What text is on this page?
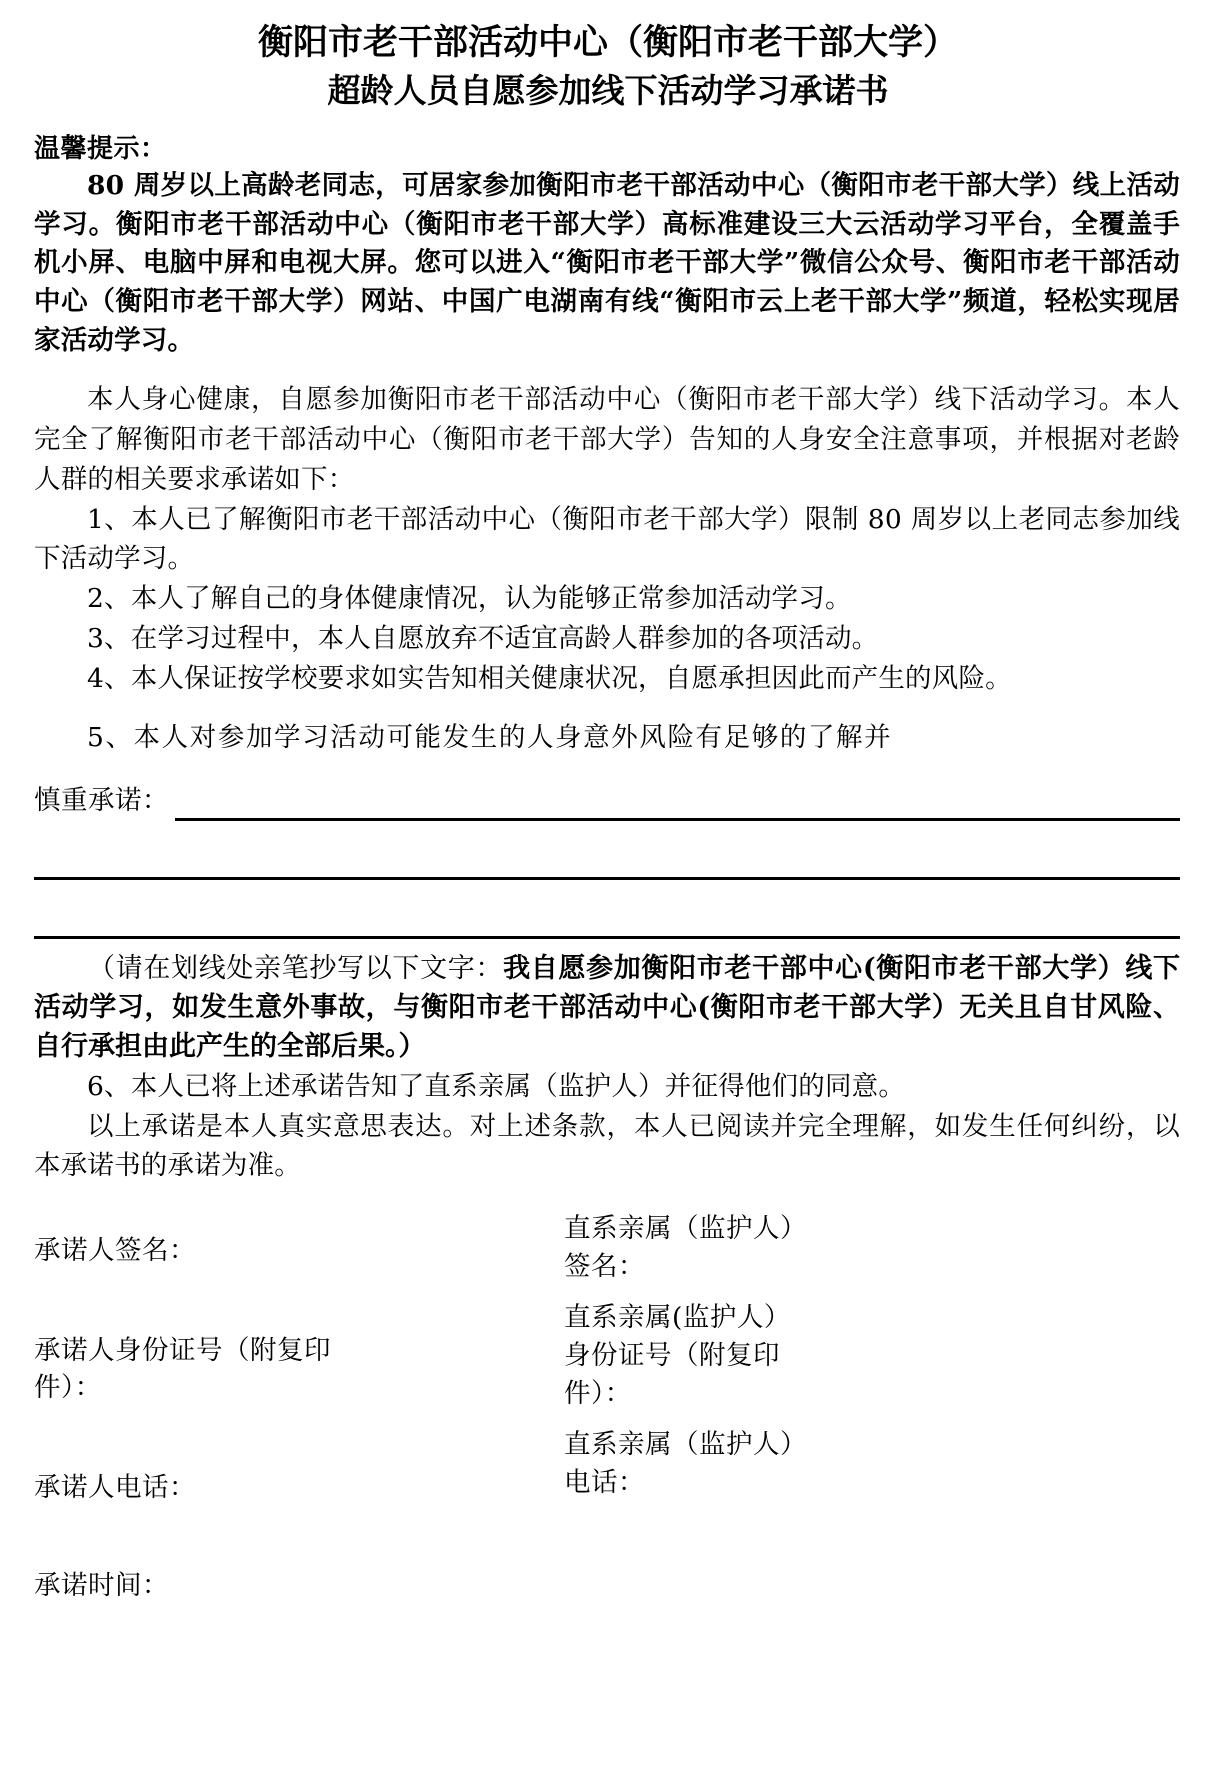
衡阳市老干部活动中心（衡阳市老干部大学）
超龄人员自愿参加线下活动学习承诺书
温馨提示：
80 周岁以上高龄老同志，可居家参加衡阳市老干部活动中心（衡阳市老干部大学）线上活动学习。衡阳市老干部活动中心（衡阳市老干部大学）高标准建设三大云活动学习平台，全覆盖手机小屏、电脑中屏和电视大屏。您可以进入“衡阳市老干部大学”微信公众号、衡阳市老干部活动中心（衡阳市老干部大学）网站、中国广电湖南有线“衡阳市云上老干部大学”频道，轻松实现居家活动学习。

本人身心健康，自愿参加衡阳市老干部活动中心（衡阳市老干部大学）线下活动学习。本人完全了解衡阳市老干部活动中心（衡阳市老干部大学）告知的人身安全注意事项，并根据对老龄人群的相关要求承诺如下：

1、本人已了解衡阳市老干部活动中心（衡阳市老干部大学）限制 80 周岁以上老同志参加线下活动学习。

2、本人了解自己的身体健康情况，认为能够正常参加活动学习。

3、在学习过程中，本人自愿放弃不适宜高龄人群参加的各项活动。

4、本人保证按学校要求如实告知相关健康状况，自愿承担因此而产生的风险。

5、本人对参加学习活动可能发生的人身意外风险有足够的了解并

慎重承诺：

（请在划线处亲笔抄写以下文字：我自愿参加衡阳市老干部中心(衡阳市老干部大学）线下活动学习，如发生意外事故，与衡阳市老干部活动中心(衡阳市老干部大学）无关且自甘风险、自行承担由此产生的全部后果。）

6、本人已将上述承诺告知了直系亲属（监护人）并征得他们的同意。

以上承诺是本人真实意思表达。对上述条款，本人已阅读并完全理解，如发生任何纠纷，以本承诺书的承诺为准。

承诺人签名：

承诺人身份证号（附复印件）：

承诺人电话：

承诺时间：

直系亲属（监护人）签名：

直系亲属(监护人）身份证号（附复印件）：

直系亲属（监护人）电话：
